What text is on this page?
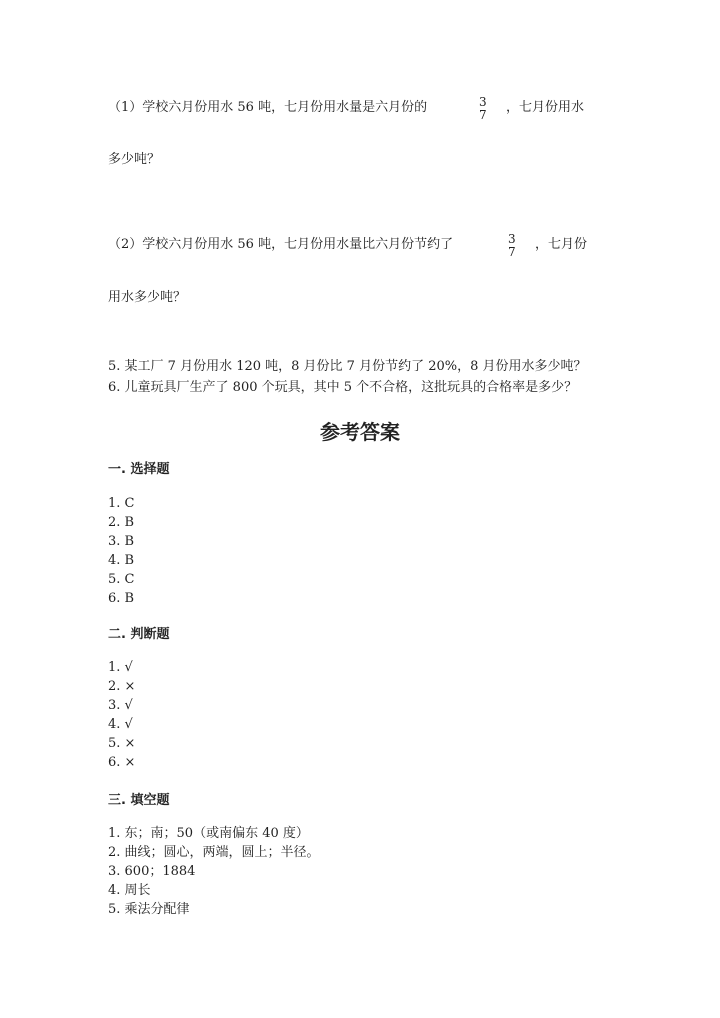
（1）学校六月份用水 56 吨，七月份用水量是六月份的	3
7 ，七月份用水
多少吨？
（2）学校六月份用水 56 吨，七月份用水量比六月份节约了	3
7 ，七月份
用水多少吨？
5. 某工厂 7 月份用水 120 吨，8 月份比 7 月份节约了 20%，8 月份用水多少吨？
6. 儿童玩具厂生产了 800 个玩具，其中 5 个不合格，这批玩具的合格率是多少？
参考答案
一. 选择题
1. C
2. B
3. B
4. B
5. C
6. B
二. 判断题
1. √
2. ×
3. √
4. √
5. ×
6. ×
三. 填空题
1. 东；南；50（或南偏东 40 度）
2. 曲线；圆心，两端，圆上；半径。
3. 600；1884
4. 周长
5. 乘法分配律
